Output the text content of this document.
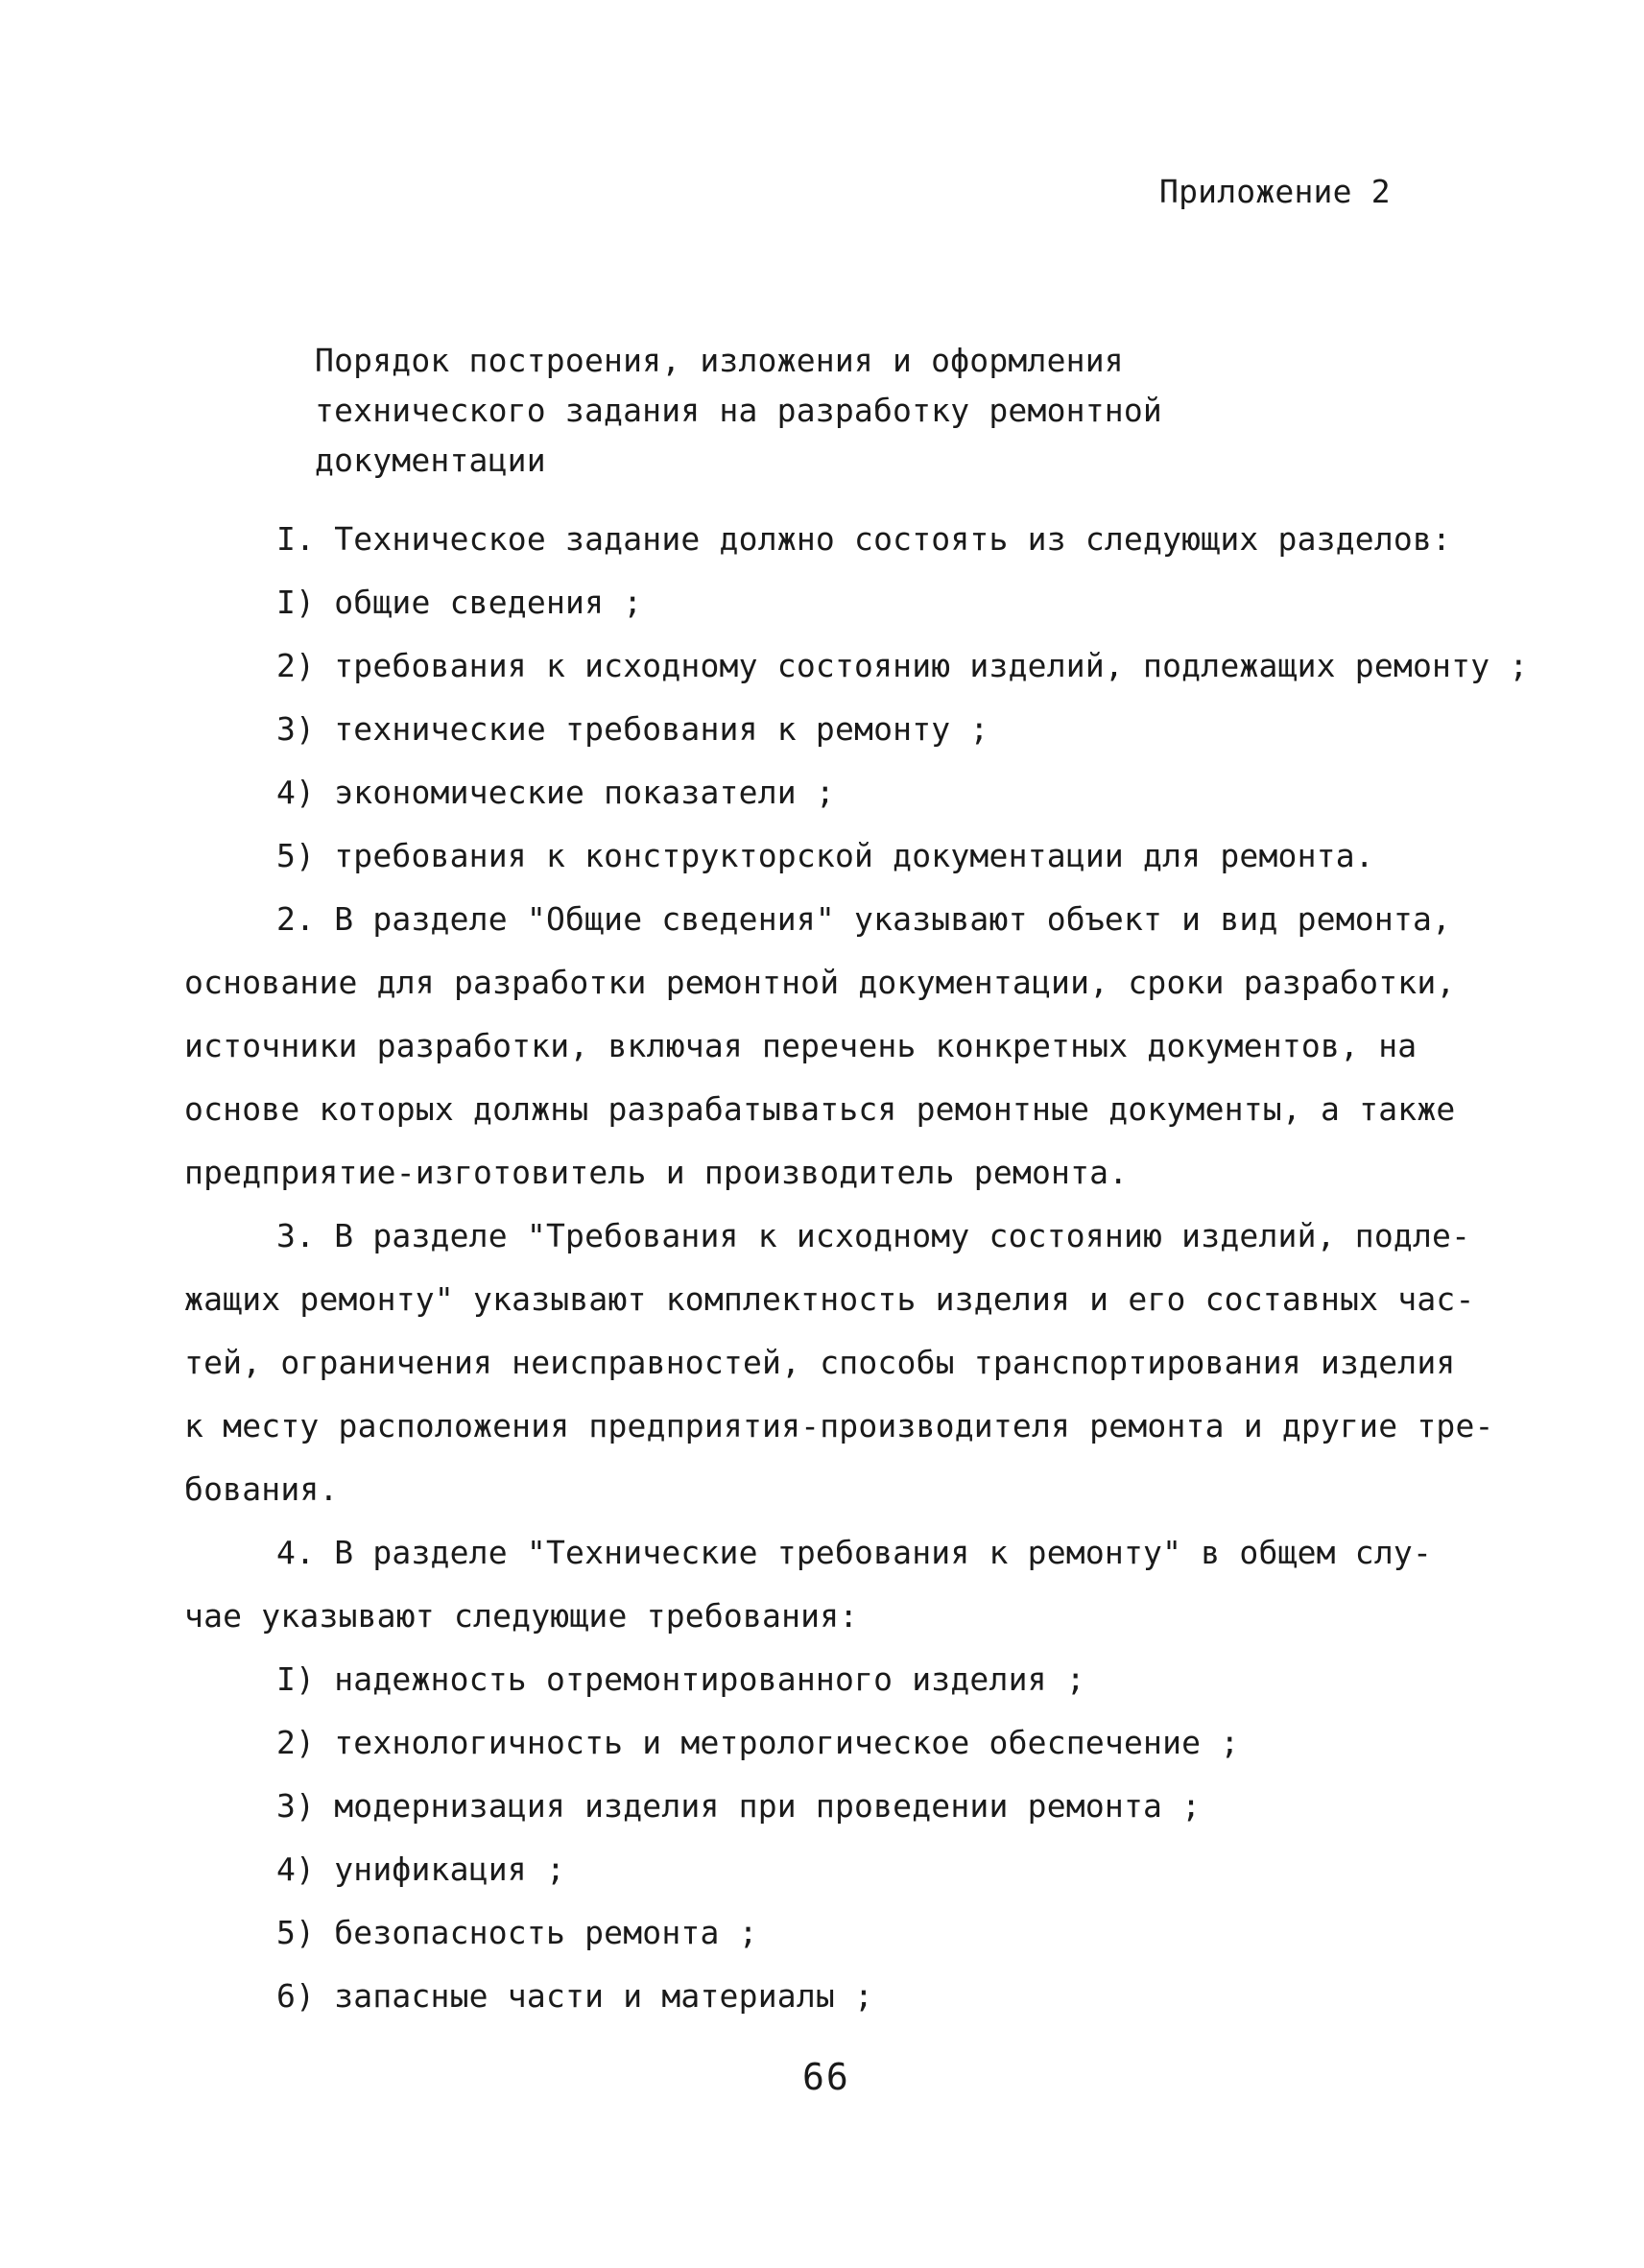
Приложение 2
Порядок построения, изложения и оформления
технического задания на разработку ремонтной
документации
I. Техническое задание должно состоять из следующих разделов:
I) общие сведения ;
2) требования к исходному состоянию изделий, подлежащих ремонту ;
3) технические требования к ремонту ;
4) экономические показатели ;
5) требования к конструкторской документации для ремонта.
2. В разделе "Общие сведения" указывают объект и вид ремонта,
основание для разработки ремонтной документации, сроки разработки,
источники разработки, включая перечень конкретных документов, на
основе которых должны разрабатываться ремонтные документы, а также
предприятие-изготовитель и производитель ремонта.
3. В разделе "Требования к исходному состоянию изделий, подле-
жащих ремонту" указывают комплектность изделия и его составных час-
тей, ограничения неисправностей, способы транспортирования изделия
к месту расположения предприятия-производителя ремонта и другие тре-
бования.
4. В разделе "Технические требования к ремонту" в общем слу-
чае указывают следующие требования:
I) надежность отремонтированного изделия ;
2) технологичность и метрологическое обеспечение ;
3) модернизация изделия при проведении ремонта ;
4) унификация ;
5) безопасность ремонта ;
6) запасные части и материалы ;
66
